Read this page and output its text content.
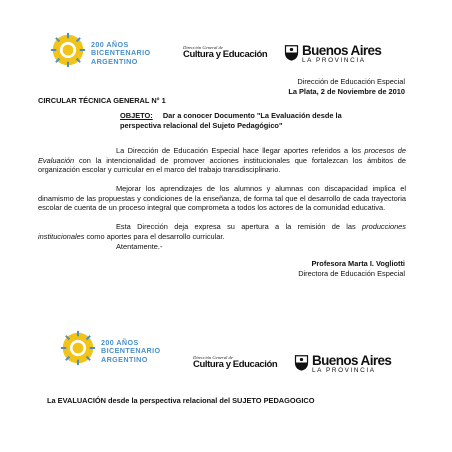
200 AÑOS
BICENTENARIO
ARGENTINO
Dirección General de
Cultura y Educación	Buenos Aires
LA PROVINCIA
Dirección de Educación Especial
La Plata, 2 de Noviembre de 2010
CIRCULAR TÉCNICA GENERAL N° 1
OBJETO: Dar a conocer Documento "La Evaluación desde la
perspectiva relacional del Sujeto Pedagógico"
La Dirección de Educación Especial hace llegar aportes referidos a los procesos de Evaluación con la intencionalidad de promover acciones institucionales que fortalezcan los ámbitos de organización escolar y curricular en el marco del trabajo transdisciplinario.
Mejorar los aprendizajes de los alumnos y alumnas con discapacidad implica el dinamismo de las propuestas y condiciones de la enseñanza, de forma tal que el desarrollo de cada trayectoria escolar de cuenta de un proceso integral que comprometa a todos los actores de la comunidad educativa.
Esta Dirección deja expresa su apertura a la remisión de las producciones institucionales como aportes para el desarrollo curricular.
Atentamente.-
Profesora Marta I. Vogliotti
Directora de Educación Especial
200 AÑOS
BICENTENARIO
ARGENTINO	Dirección General de
Cultura y Educación	Buenos Aires
LA PROVINCIA
La EVALUACIÓN desde la perspectiva relacional del SUJETO PEDAGOGICO
